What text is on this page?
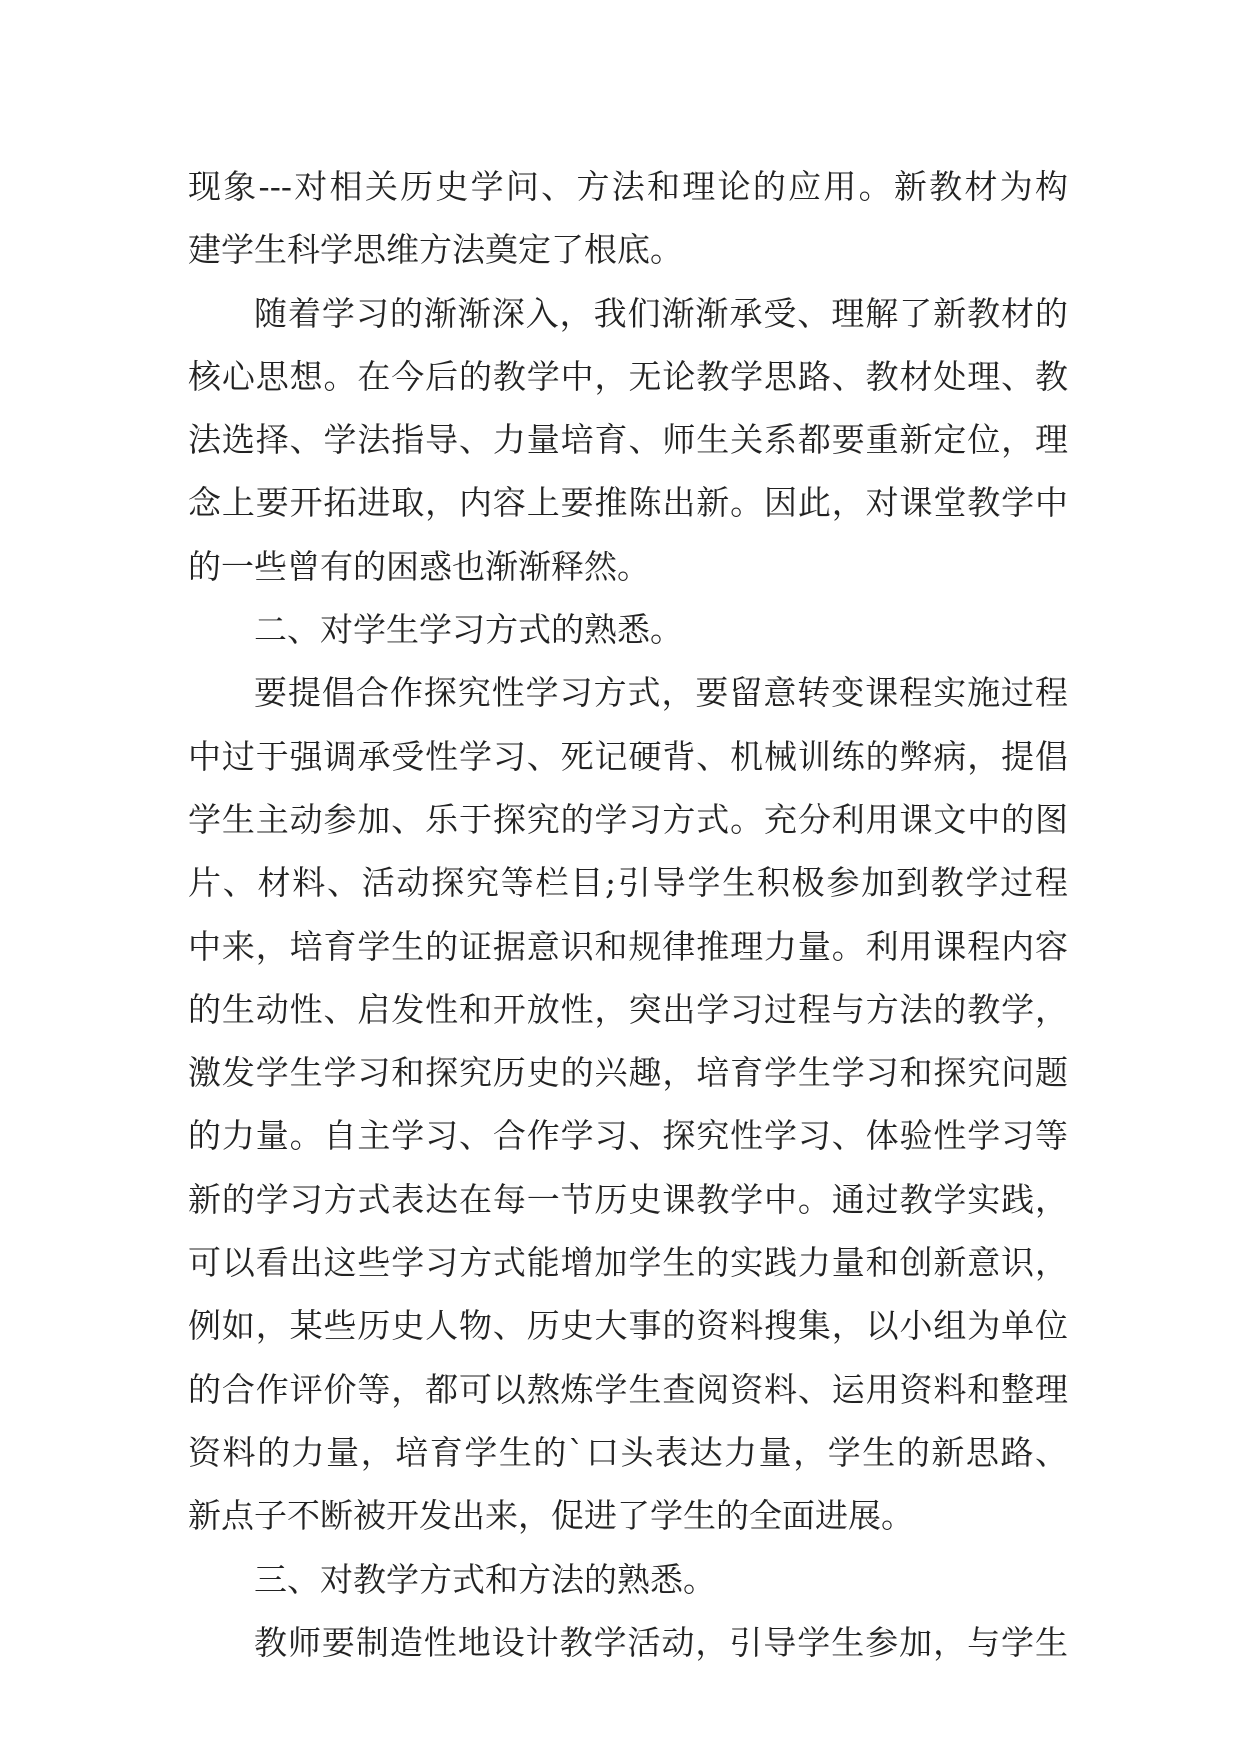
现象---对相关历史学问、方法和理论的应用。新教材为构
建学生科学思维方法奠定了根底。
随着学习的渐渐深入，我们渐渐承受、理解了新教材的
核心思想。在今后的教学中，无论教学思路、教材处理、教
法选择、学法指导、力量培育、师生关系都要重新定位，理
念上要开拓进取，内容上要推陈出新。因此，对课堂教学中
的一些曾有的困惑也渐渐释然。
二、对学生学习方式的熟悉。
要提倡合作探究性学习方式，要留意转变课程实施过程
中过于强调承受性学习、死记硬背、机械训练的弊病，提倡
学生主动参加、乐于探究的学习方式。充分利用课文中的图
片、材料、活动探究等栏目;引导学生积极参加到教学过程
中来，培育学生的证据意识和规律推理力量。利用课程内容
的生动性、启发性和开放性，突出学习过程与方法的教学，
激发学生学习和探究历史的兴趣，培育学生学习和探究问题
的力量。自主学习、合作学习、探究性学习、体验性学习等
新的学习方式表达在每一节历史课教学中。通过教学实践，
可以看出这些学习方式能增加学生的实践力量和创新意识，
例如，某些历史人物、历史大事的资料搜集，以小组为单位
的合作评价等，都可以熬炼学生查阅资料、运用资料和整理
资料的力量，培育学生的`口头表达力量，学生的新思路、
新点子不断被开发出来，促进了学生的全面进展。
三、对教学方式和方法的熟悉。
教师要制造性地设计教学活动，引导学生参加，与学生
